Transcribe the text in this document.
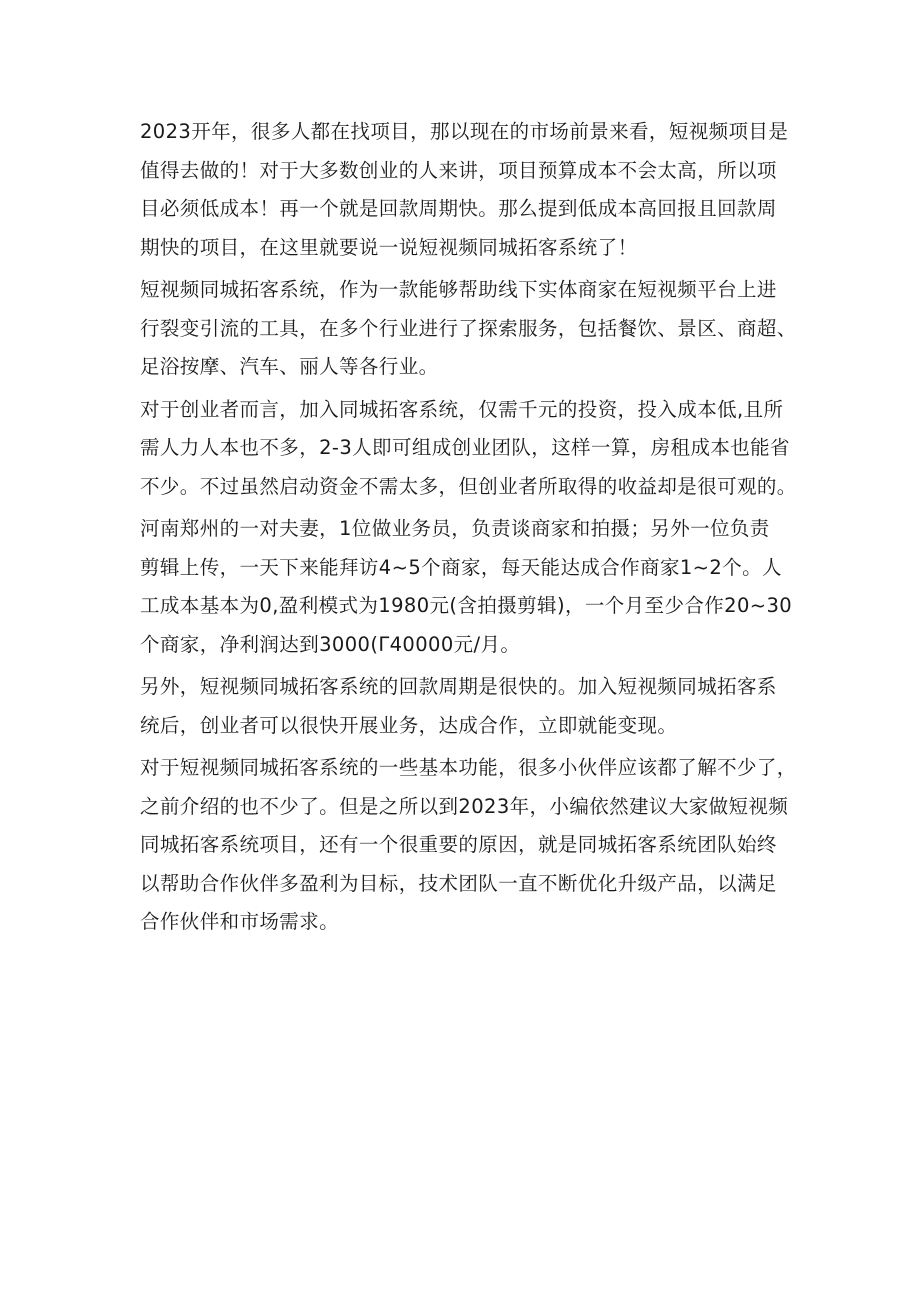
2023开年，很多人都在找项目，那以现在的市场前景来看，短视频项目是
值得去做的！对于大多数创业的人来讲，项目预算成本不会太高，所以项
目必须低成本！再一个就是回款周期快。那么提到低成本高回报且回款周
期快的项目，在这里就要说一说短视频同城拓客系统了！

短视频同城拓客系统，作为一款能够帮助线下实体商家在短视频平台上进
行裂变引流的工具，在多个行业进行了探索服务，包括餐饮、景区、商超、
足浴按摩、汽车、丽人等各行业。

对于创业者而言，加入同城拓客系统，仅需千元的投资，投入成本低,且所
需人力人本也不多，2-3人即可组成创业团队，这样一算，房租成本也能省
不少。不过虽然启动资金不需太多，但创业者所取得的收益却是很可观的。

河南郑州的一对夫妻，1位做业务员，负责谈商家和拍摄；另外一位负责
剪辑上传，一天下来能拜访4~5个商家，每天能达成合作商家1~2个。人
工成本基本为0,盈利模式为1980元(含拍摄剪辑)，一个月至少合作20~30
个商家，净利润达到3000(Γ40000元/月。

另外，短视频同城拓客系统的回款周期是很快的。加入短视频同城拓客系
统后，创业者可以很快开展业务，达成合作，立即就能变现。

对于短视频同城拓客系统的一些基本功能，很多小伙伴应该都了解不少了，
之前介绍的也不少了。但是之所以到2023年，小编依然建议大家做短视频
同城拓客系统项目，还有一个很重要的原因，就是同城拓客系统团队始终
以帮助合作伙伴多盈利为目标，技术团队一直不断优化升级产品，以满足
合作伙伴和市场需求。
